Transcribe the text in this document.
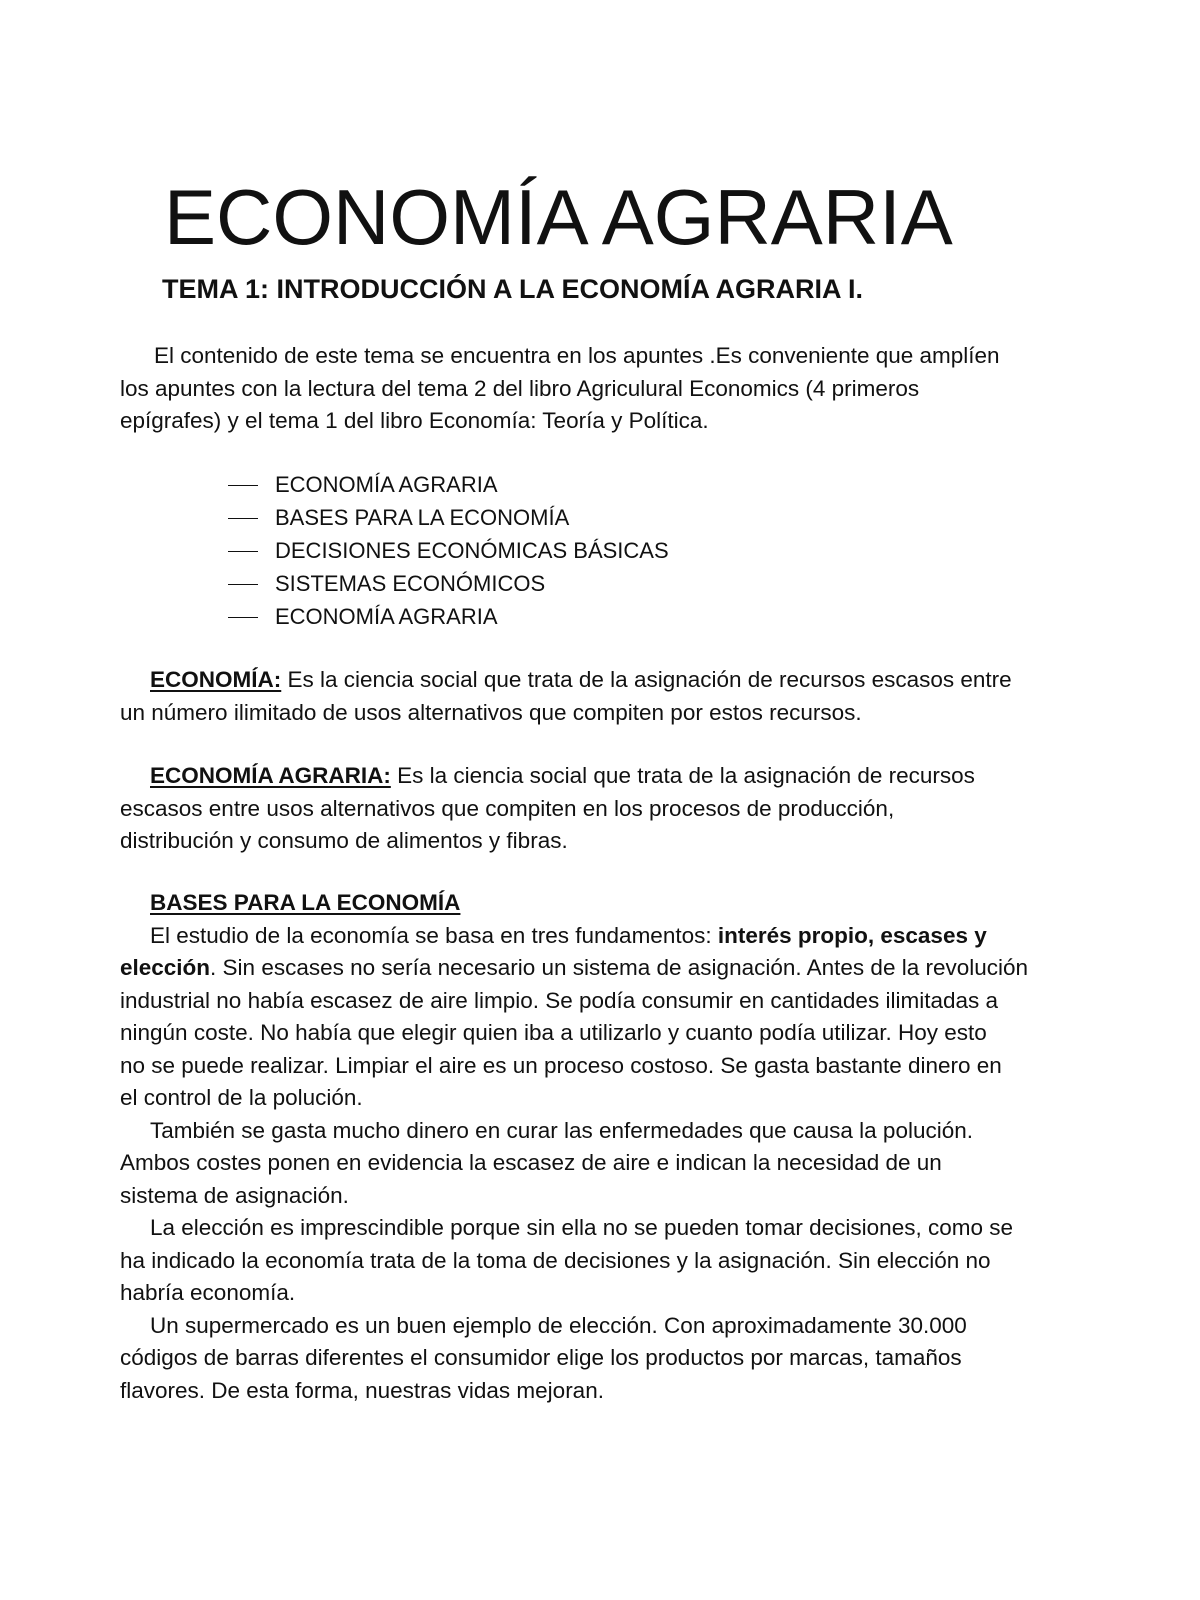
ECONOMÍA AGRARIA
TEMA 1: INTRODUCCIÓN A LA ECONOMÍA AGRARIA I.
El contenido de este tema se encuentra en los apuntes .Es conveniente que amplíen
los apuntes con la lectura del tema 2 del libro Agriculural Economics (4 primeros
epígrafes) y el tema 1 del libro Economía: Teoría y Política.
ECONOMÍA AGRARIA
BASES PARA LA ECONOMÍA
DECISIONES ECONÓMICAS BÁSICAS
SISTEMAS ECONÓMICOS
ECONOMÍA AGRARIA
ECONOMÍA: Es la ciencia social que trata de la asignación de recursos escasos entre
un número ilimitado de usos alternativos que compiten por estos recursos.
ECONOMÍA AGRARIA: Es la ciencia social que trata de la asignación de recursos
escasos entre usos alternativos que compiten en los procesos de producción,
distribución y consumo de alimentos y fibras.
BASES PARA LA ECONOMÍA
El estudio de la economía se basa en tres fundamentos: interés propio, escases y
elección. Sin escases no sería necesario un sistema de asignación. Antes de la revolución
industrial no había escasez de aire limpio. Se podía consumir en cantidades ilimitadas a
ningún coste. No había que elegir quien iba a utilizarlo y cuanto podía utilizar. Hoy esto
no se puede realizar. Limpiar el aire es un proceso costoso. Se gasta bastante dinero en
el control de la polución.
También se gasta mucho dinero en curar las enfermedades que causa la polución.
Ambos costes ponen en evidencia la escasez de aire e indican la necesidad de un
sistema de asignación.
La elección es imprescindible porque sin ella no se pueden tomar decisiones, como se
ha indicado la economía trata de la toma de decisiones y la asignación. Sin elección no
habría economía.
Un supermercado es un buen ejemplo de elección. Con aproximadamente 30.000
códigos de barras diferentes el consumidor elige los productos por marcas, tamaños
flavores. De esta forma, nuestras vidas mejoran.
